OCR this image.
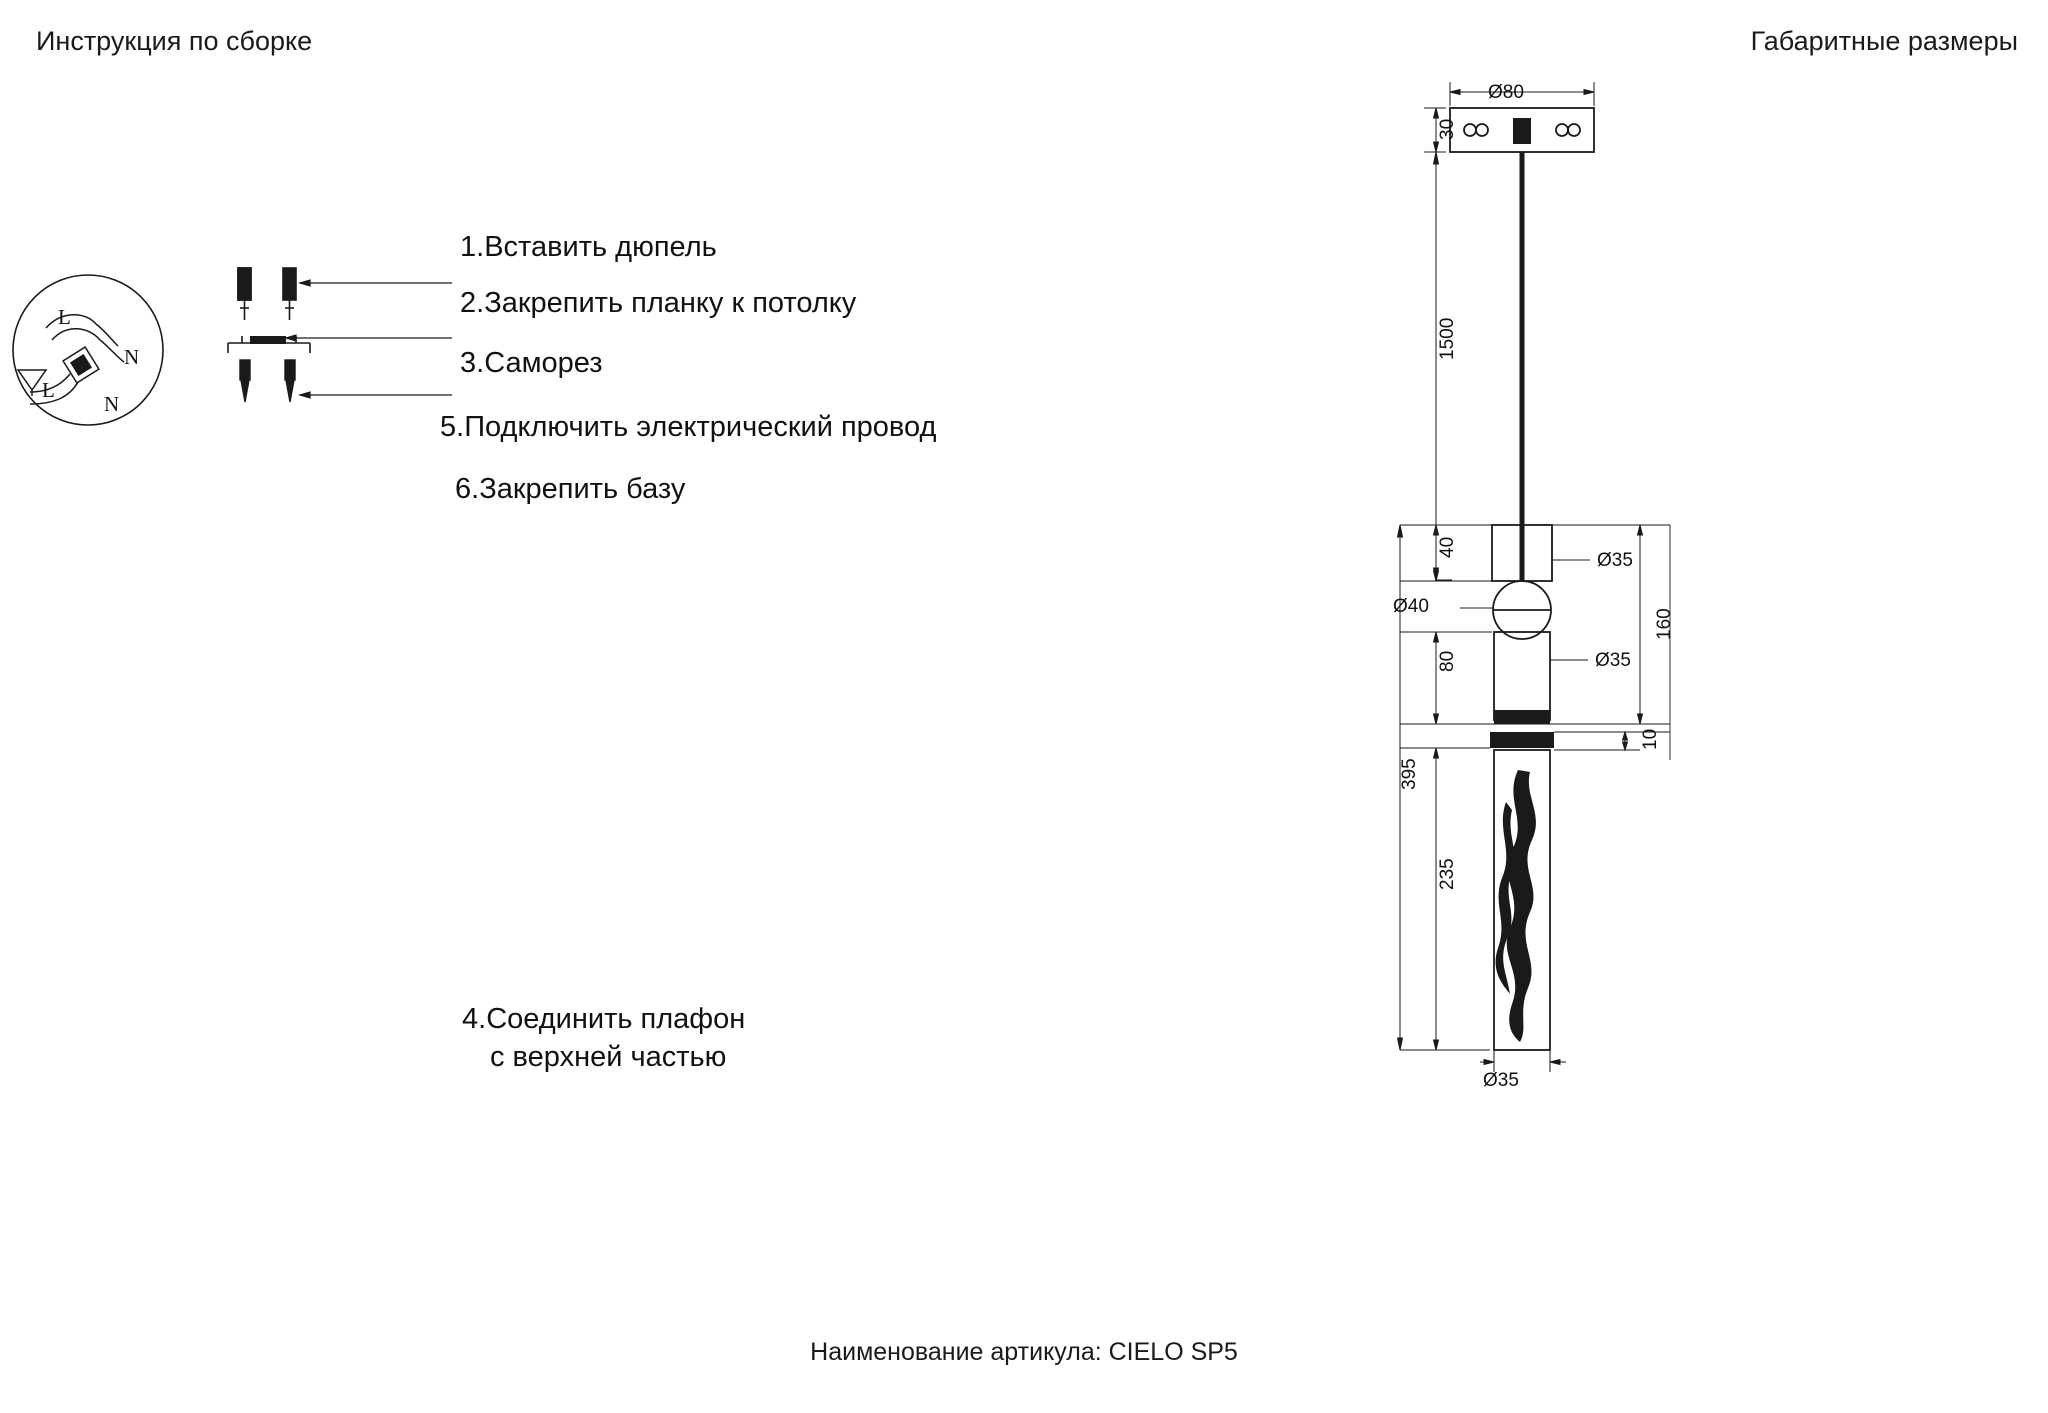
Инструкция по сборке	Габаритные размеры
1.Вставить дюпель
2.Закрепить планку к потолку
3.Саморез
5.Подключить электрический провод
6.Закрепить базу
4.Соединить плафон
с верхней частью
L
N
L
N
Ø80
30
1500
40
Ø35
Ø40
Ø35
80
160
10
235
395
Ø35
Наименование артикула: CIELO SP5
